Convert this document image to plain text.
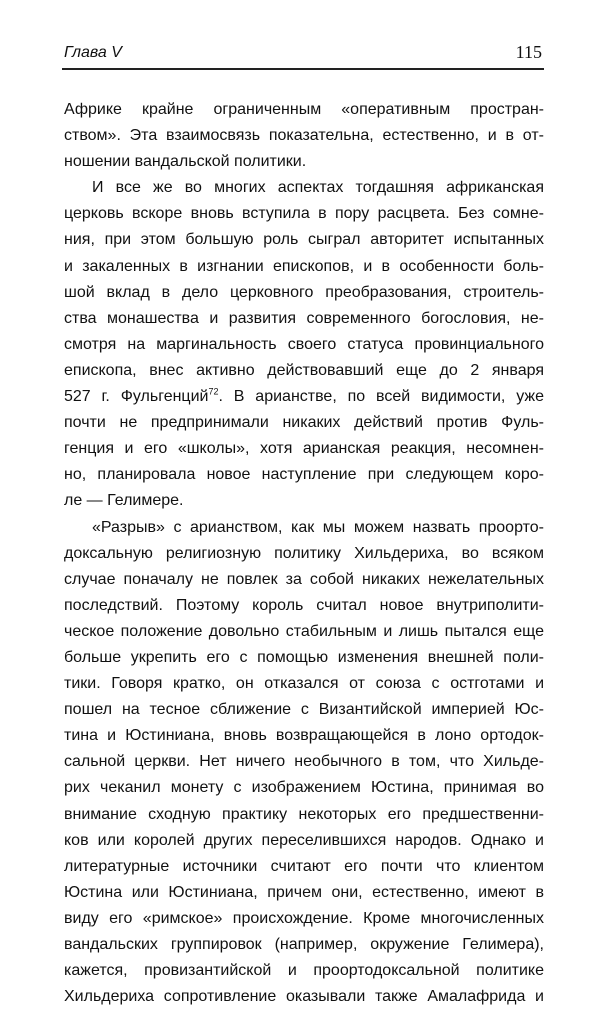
Глава V	115
Африке крайне ограниченным «оперативным простран-
ством». Эта взаимосвязь показательна, естественно, и в от-
ношении вандальской политики.
И все же во многих аспектах тогдашняя африканская
церковь вскоре вновь вступила в пору расцвета. Без сомне-
ния, при этом большую роль сыграл авторитет испытанных
и закаленных в изгнании епископов, и в особенности боль-
шой вклад в дело церковного преобразования, строитель-
ства монашества и развития современного богословия, не-
смотря на маргинальность своего статуса провинциального
епископа, внес активно действовавший еще до 2 января
527 г. Фульгенций$^{72}$. В арианстве, по всей видимости, уже
почти не предпринимали никаких действий против Фуль-
генция и его «школы», хотя арианская реакция, несомнен-
но, планировала новое наступление при следующем коро-
ле — Гелимере.
«Разрыв» с арианством, как мы можем назвать проорто-
доксальную религиозную политику Хильдериха, во всяком
случае поначалу не повлек за собой никаких нежелательных
последствий. Поэтому король считал новое внутриполити-
ческое положение довольно стабильным и лишь пытался еще
больше укрепить его с помощью изменения внешней поли-
тики. Говоря кратко, он отказался от союза с остготами и
пошел на тесное сближение с Византийской империей Юс-
тина и Юстиниана, вновь возвращающейся в лоно ортодок-
сальной церкви. Нет ничего необычного в том, что Хильде-
рих чеканил монету с изображением Юстина, принимая во
внимание сходную практику некоторых его предшественни-
ков или королей других переселившихся народов. Однако и
литературные источники считают его почти что клиентом
Юстина или Юстиниана, причем они, естественно, имеют в
виду его «римское» происхождение. Кроме многочисленных
вандальских группировок (например, окружение Гелимера),
кажется, провизантийской и проортодоксальной политике
Хильдериха сопротивление оказывали также Амалафрида и
